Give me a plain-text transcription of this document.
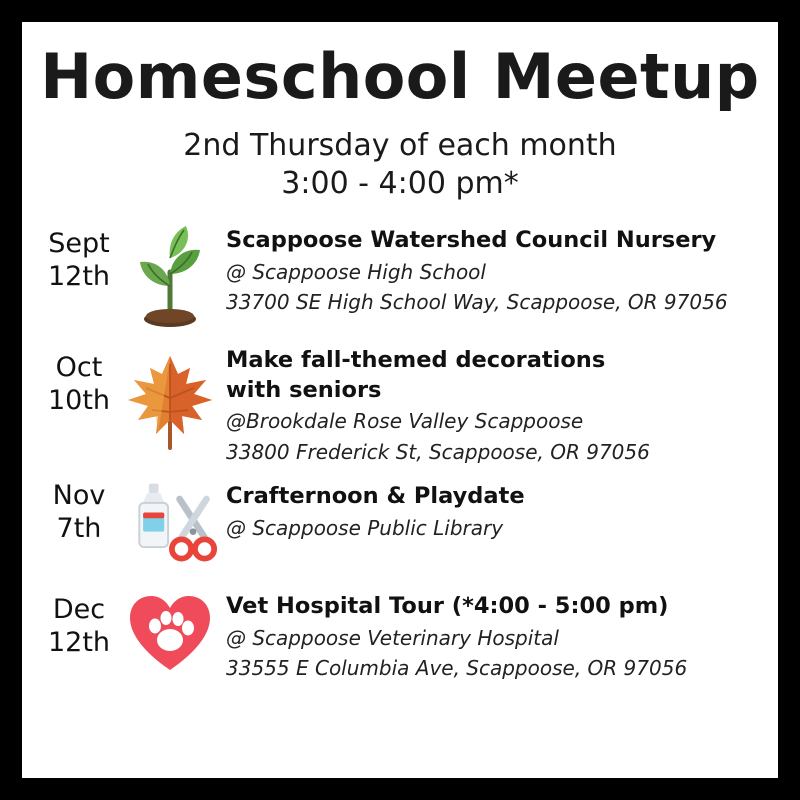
Homeschool Meetup
2nd Thursday of each month
3:00 - 4:00 pm*
Sept
12th
Scappoose Watershed Council Nursery
@ Scappoose High School
33700 SE High School Way, Scappoose, OR 97056
Oct
10th
Make fall-themed decorations
with seniors
@Brookdale Rose Valley Scappoose
33800 Frederick St, Scappoose, OR 97056
Nov
7th
Crafternoon & Playdate
@ Scappoose Public Library
Dec
12th
Vet Hospital Tour (*4:00 - 5:00 pm)
@ Scappoose Veterinary Hospital
33555 E Columbia Ave, Scappoose, OR 97056
